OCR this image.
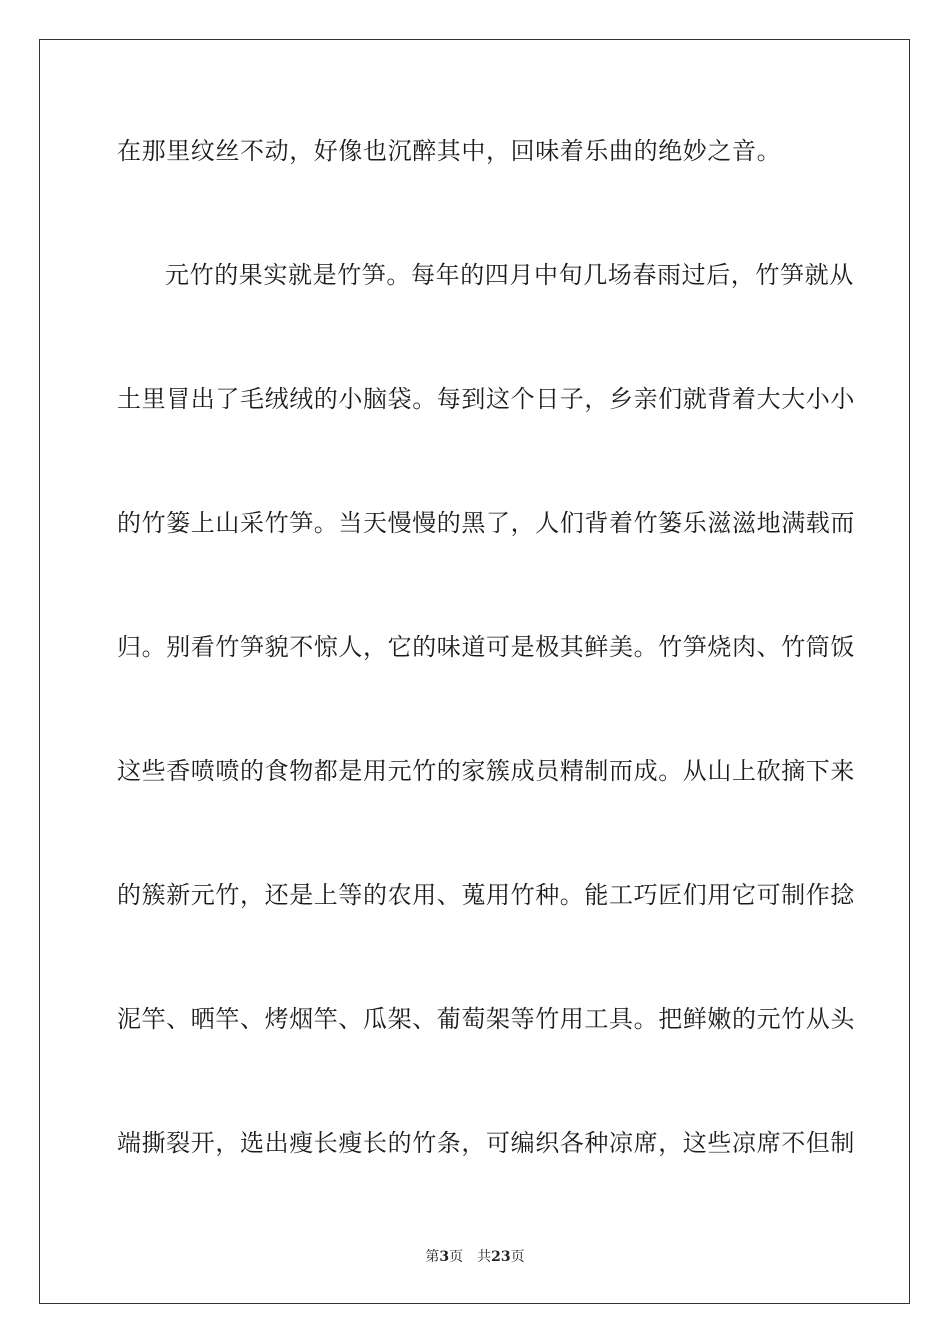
在那里纹丝不动，好像也沉醉其中，回味着乐曲的绝妙之音。
元竹的果实就是竹笋。每年的四月中旬几场春雨过后，竹笋就从
土里冒出了毛绒绒的小脑袋。每到这个日子，乡亲们就背着大大小小
的竹篓上山采竹笋。当天慢慢的黑了，人们背着竹篓乐滋滋地满载而
归。别看竹笋貌不惊人，它的味道可是极其鲜美。竹笋烧肉、竹筒饭
这些香喷喷的食物都是用元竹的家簇成员精制而成。从山上砍摘下来
的簇新元竹，还是上等的农用、蒐用竹种。能工巧匠们用它可制作捻
泥竿、晒竿、烤烟竿、瓜架、葡萄架等竹用工具。把鲜嫩的元竹从头
端撕裂开，选出瘦长瘦长的竹条，可编织各种凉席，这些凉席不但制
第3页 共23页
